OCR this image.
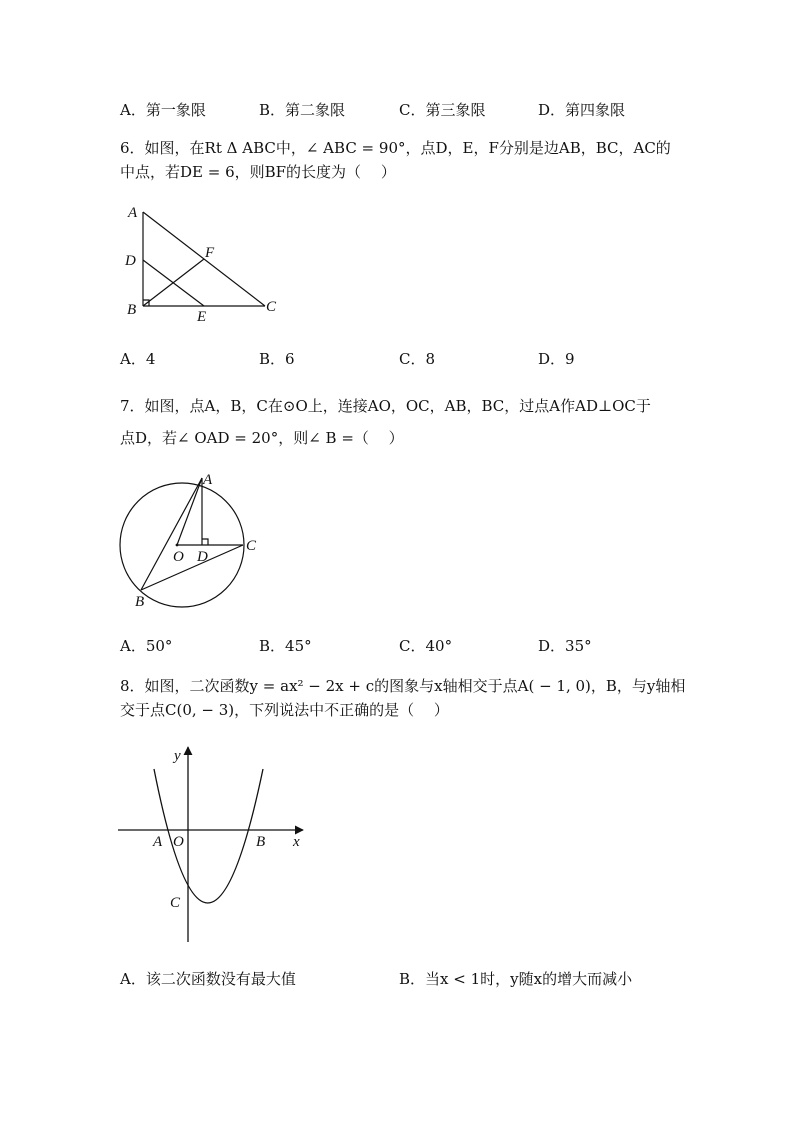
A．第一象限	B．第二象限	C．第三象限	D．第四象限
6．如图，在Rt Δ ABC中，∠ ABC = 90°，点D，E，F分别是边AB，BC，AC的
中点，若DE = 6，则BF的长度为（　 ）
A
D	F
B	E
C
A．4	B．6	C．8	D．9
7．如图，点A，B，C在⊙O上，连接AO，OC，AB，BC，过点A作AD⊥OC于
点D，若∠ OAD = 20°，则∠ B =（　 ）
A
O D
C
B
A．50°	B．45°	C．40°	D．35°
8．如图，二次函数y = ax² − 2x + c的图象与x轴相交于点A( − 1, 0)，B，与y轴相
交于点C(0, − 3)，下列说法中不正确的是（　 ）
y
x
A O	B
C
A．该二次函数没有最大值	B．当x < 1时，y随x的增大而减小
